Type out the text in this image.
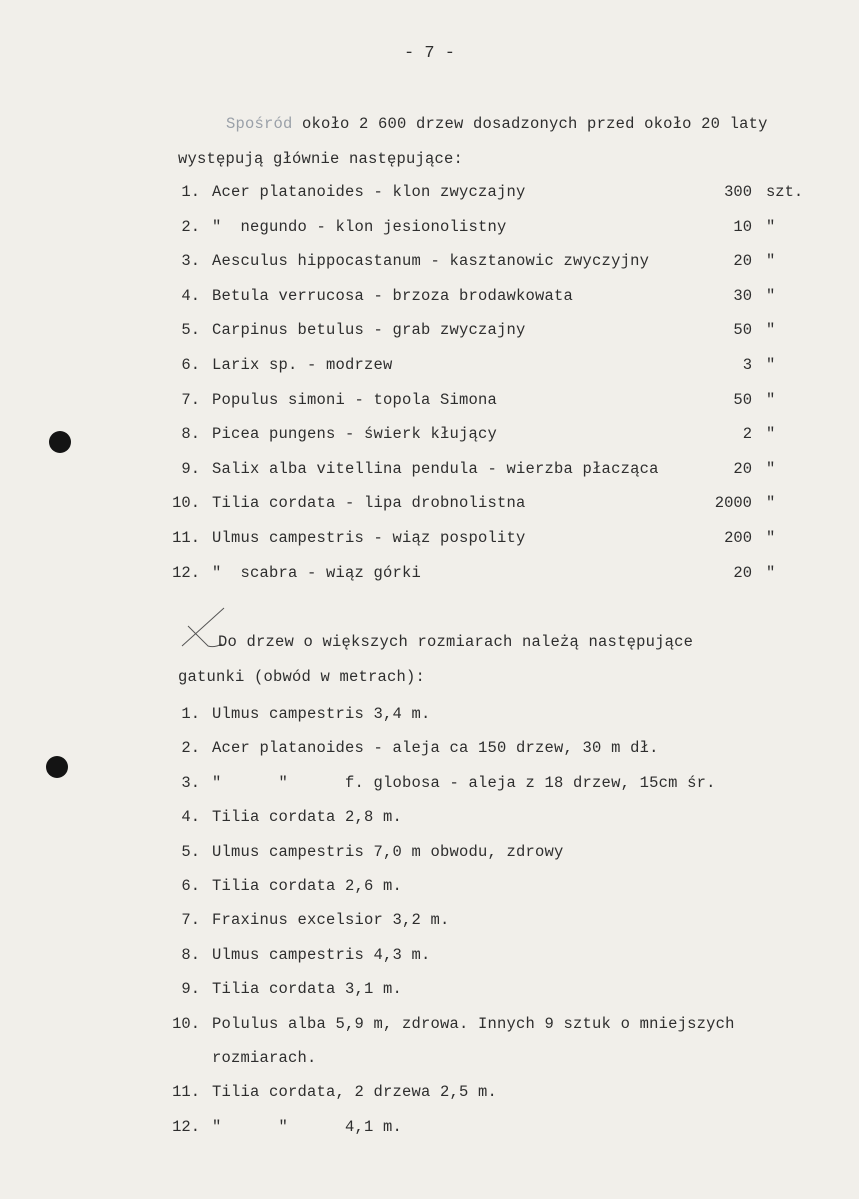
- 7 -
Spośród około 2 600 drzew dosadzonych przed około 20 laty
występują głównie następujące:
1. Acer platanoides - klon zwyczajny	300 szt.
2. "  negundo - klon jesionolistny	10 "
3. Aesculus hippocastanum - kasztanowic zwyczyjny	20 "
4. Betula verrucosa - brzoza brodawkowata	30 "
5. Carpinus betulus - grab zwyczajny	50 "
6. Larix sp. - modrzew	3 "
7. Populus simoni - topola Simona	50 "
8. Picea pungens - świerk kłujący	2 "
9. Salix alba vitellina pendula - wierzba płacząca	20 "
10. Tilia cordata - lipa drobnolistna	2000 "
11. Ulmus campestris - wiąz pospolity	200 "
12. "  scabra - wiąz górki	20 "
Do drzew o większych rozmiarach należą następujące
gatunki (obwód w metrach):
1. Ulmus campestris 3,4 m.
2. Acer platanoides - aleja ca 150 drzew, 30 m dł.
3. "      "      f. globosa - aleja z 18 drzew, 15cm śr.
4. Tilia cordata 2,8 m.
5. Ulmus campestris 7,0 m obwodu, zdrowy
6. Tilia cordata 2,6 m.
7. Fraxinus excelsior 3,2 m.
8. Ulmus campestris 4,3 m.
9. Tilia cordata 3,1 m.
10. Polulus alba 5,9 m, zdrowa. Innych 9 sztuk o mniejszych
rozmiarach.
11. Tilia cordata, 2 drzewa 2,5 m.
12. "      "      4,1 m.
